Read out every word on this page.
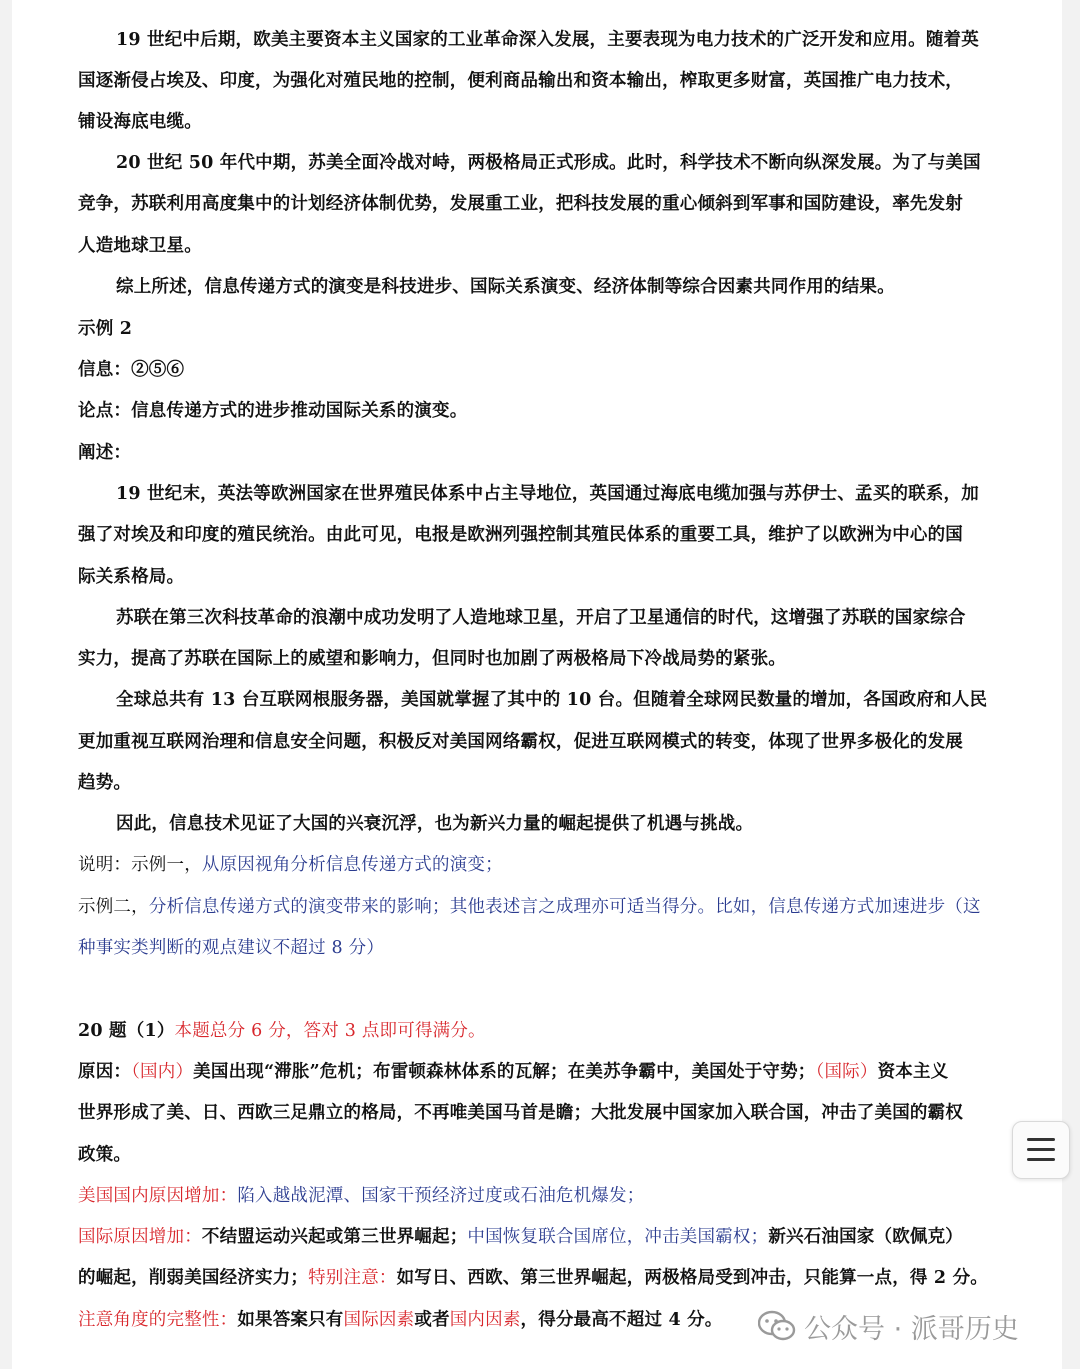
19 世纪中后期，欧美主要资本主义国家的工业革命深入发展，主要表现为电力技术的广泛开发和应用。随着英
国逐渐侵占埃及、印度，为强化对殖民地的控制，便利商品输出和资本输出，榨取更多财富，英国推广电力技术，
铺设海底电缆。
20 世纪 50 年代中期，苏美全面冷战对峙，两极格局正式形成。此时，科学技术不断向纵深发展。为了与美国
竞争，苏联利用高度集中的计划经济体制优势，发展重工业，把科技发展的重心倾斜到军事和国防建设，率先发射
人造地球卫星。
综上所述，信息传递方式的演变是科技进步、国际关系演变、经济体制等综合因素共同作用的结果。
示例 2
信息：②⑤⑥
论点：信息传递方式的进步推动国际关系的演变。
阐述：
19 世纪末，英法等欧洲国家在世界殖民体系中占主导地位，英国通过海底电缆加强与苏伊士、孟买的联系，加
强了对埃及和印度的殖民统治。由此可见，电报是欧洲列强控制其殖民体系的重要工具，维护了以欧洲为中心的国
际关系格局。
苏联在第三次科技革命的浪潮中成功发明了人造地球卫星，开启了卫星通信的时代，这增强了苏联的国家综合
实力，提高了苏联在国际上的威望和影响力，但同时也加剧了两极格局下冷战局势的紧张。
全球总共有 13 台互联网根服务器，美国就掌握了其中的 10 台。但随着全球网民数量的增加，各国政府和人民
更加重视互联网治理和信息安全问题，积极反对美国网络霸权，促进互联网模式的转变，体现了世界多极化的发展
趋势。
因此，信息技术见证了大国的兴衰沉浮，也为新兴力量的崛起提供了机遇与挑战。
说明：示例一，从原因视角分析信息传递方式的演变；
示例二，分析信息传递方式的演变带来的影响；其他表述言之成理亦可适当得分。比如，信息传递方式加速进步（这
种事实类判断的观点建议不超过 8 分）
20 题（1）本题总分 6 分，答对 3 点即可得满分。
原因：（国内）美国出现“滞胀”危机；布雷顿森林体系的瓦解；在美苏争霸中，美国处于守势；（国际）资本主义
世界形成了美、日、西欧三足鼎立的格局，不再唯美国马首是瞻；大批发展中国家加入联合国，冲击了美国的霸权
政策。
美国国内原因增加：陷入越战泥潭、国家干预经济过度或石油危机爆发；
国际原因增加：不结盟运动兴起或第三世界崛起；中国恢复联合国席位，冲击美国霸权；新兴石油国家（欧佩克）
的崛起，削弱美国经济实力；特别注意：如写日、西欧、第三世界崛起，两极格局受到冲击，只能算一点，得 2 分。
注意角度的完整性：如果答案只有国际因素或者国内因素，得分最高不超过 4 分。	公众号 · 派哥历史
